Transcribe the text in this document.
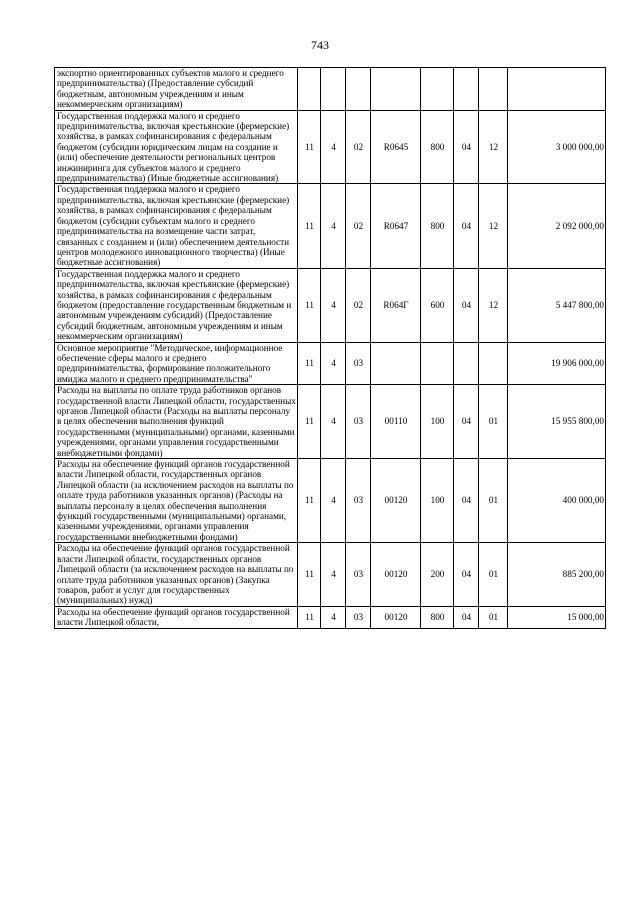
743
экспортно ориентированных субъектов малого и среднего предпринимательства) (Предоставление субсидий бюджетным, автономным учреждениям и иным некоммерческим организациям)								
Государственная поддержка малого и среднего предпринимательства, включая крестьянские (фермерские) хозяйства, в рамках софинансирования с федеральным бюджетом (субсидии юридическим лицам на создание и (или) обеспечение деятельности региональных центров инжиниринга для субъектов малого и среднего предпринимательства) (Иные бюджетные ассигнования)	11	4	02	R0645	800	04	12	3 000 000,00
Государственная поддержка малого и среднего предпринимательства, включая крестьянские (фермерские) хозяйства, в рамках софинансирования с федеральным бюджетом (субсидии субъектам малого и среднего предпринимательства на возмещение части затрат, связанных с созданием и (или) обеспечением деятельности центров молодежного инновационного творчества) (Иные бюджетные ассигнования)	11	4	02	R0647	800	04	12	2 092 000,00
Государственная поддержка малого и среднего предпринимательства, включая крестьянские (фермерские) хозяйства, в рамках софинансирования с федеральным бюджетом (предоставление государственным бюджетным и автономным учреждениям субсидий) (Предоставление субсидий бюджетным, автономным учреждениям и иным некоммерческим организациям)	11	4	02	R064Г	600	04	12	5 447 800,00
Основное мероприятие "Методическое, информационное обеспечение сферы малого и среднего предпринимательства, формирование положительного имиджа малого и среднего предпринимательства"	11	4	03					19 906 000,00
Расходы на выплаты по оплате труда работников органов государственной власти Липецкой области, государственных органов Липецкой области (Расходы на выплаты персоналу в целях обеспечения выполнения функций государственными (муниципальными) органами, казенными учреждениями, органами управления государственными внебюджетными фондами)	11	4	03	00110	100	04	01	15 955 800,00
Расходы на обеспечение функций органов государственной власти Липецкой области, государственных органов Липецкой области (за исключением расходов на выплаты по оплате труда работников указанных органов) (Расходы на выплаты персоналу в целях обеспечения выполнения функций государственными (муниципальными) органами, казенными учреждениями, органами управления государственными внебюджетными фондами)	11	4	03	00120	100	04	01	400 000,00
Расходы на обеспечение функций органов государственной власти Липецкой области, государственных органов Липецкой области (за исключением расходов на выплаты по оплате труда работников указанных органов) (Закупка товаров, работ и услуг для государственных (муниципальных) нужд)	11	4	03	00120	200	04	01	885 200,00
Расходы на обеспечение функций органов государственной власти Липецкой области,	11	4	03	00120	800	04	01	15 000,00
